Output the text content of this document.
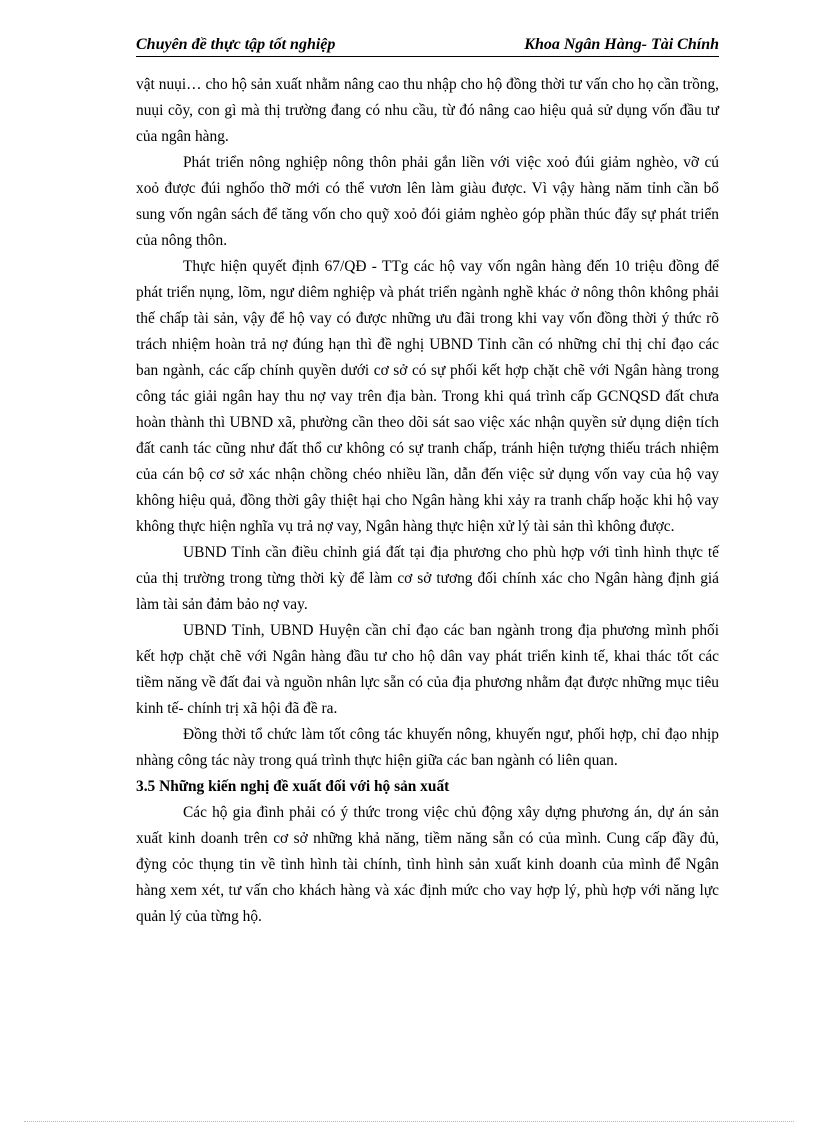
Chuyên đề thực tập tốt nghiệp	Khoa Ngân Hàng- Tài Chính

vật nuụi… cho hộ sản xuất nhằm nâng cao thu nhập cho hộ đồng thời tư vấn cho họ cần trồng, nuụi cõy, con gì mà thị trường đang có nhu cầu, từ đó nâng cao hiệu quả sử dụng vốn đầu tư của ngân hàng.

Phát triển nông nghiệp nông thôn phải gắn liền với việc xoỏ đúi giảm nghèo, vỡ cú xoỏ được đúi nghốo thỡ mới có thể vươn lên làm giàu được. Vì vậy hàng năm tỉnh cần bổ sung vốn ngân sách để tăng vốn cho quỹ xoỏ đói giảm nghèo góp phần thúc đẩy sự phát triển của nông thôn.

Thực hiện quyết định 67/QĐ - TTg các hộ vay vốn ngân hàng đến 10 triệu đồng để phát triển nụng, lõm, ngư diêm nghiệp và phát triển ngành nghề khác ở nông thôn không phải thế chấp tài sản, vậy để hộ vay có được những ưu đãi trong khi vay vốn đồng thời ý thức rõ trách nhiệm hoàn trả nợ đúng hạn thì đề nghị UBND Tỉnh cần có những chỉ thị chỉ đạo các ban ngành, các cấp chính quyền dưới cơ sở có sự phối kết hợp chặt chẽ với Ngân hàng trong công tác giải ngân hay thu nợ vay trên địa bàn. Trong khi quá trình cấp GCNQSD đất chưa hoàn thành thì UBND xã, phường cần theo dõi sát sao việc xác nhận quyền sử dụng diện tích đất canh tác cũng như đất thổ cư không có sự tranh chấp, tránh hiện tượng thiếu trách nhiệm của cán bộ cơ sở xác nhận chồng chéo nhiều lần, dẫn đến việc sử dụng vốn vay của hộ vay không hiệu quả, đồng thời gây thiệt hại cho Ngân hàng khi xảy ra tranh chấp hoặc khi hộ vay không thực hiện nghĩa vụ trả nợ vay, Ngân hàng thực hiện xử lý tài sản thì không được.

UBND Tỉnh cần điều chỉnh giá đất tại địa phương cho phù hợp với tình hình thực tế của thị trường trong từng thời kỳ để làm cơ sở tương đối chính xác cho Ngân hàng định giá làm tài sản đảm bảo nợ vay.

UBND Tỉnh, UBND Huyện cần chỉ đạo các ban ngành trong địa phương mình phối kết hợp chặt chẽ với Ngân hàng đầu tư cho hộ dân vay phát triển kinh tế, khai thác tốt các tiềm năng về đất đai và nguồn nhân lực sẵn có của địa phương nhằm đạt được những mục tiêu kinh tế- chính trị xã hội đã đề ra.

Đồng thời tổ chức làm tốt công tác khuyến nông, khuyến ngư, phối hợp, chỉ đạo nhịp nhàng công tác này trong quá trình thực hiện giữa các ban ngành có liên quan.

3.5 Những kiến nghị đề xuất đối với hộ sản xuất

Các hộ gia đình phải có ý thức trong việc chủ động xây dựng phương án, dự án sản xuất kinh doanh trên cơ sở những khả năng, tiềm năng sẵn có của mình. Cung cấp đầy đủ, đỳng cỏc thụng tin về tình hình tài chính, tình hình sản xuất kinh doanh của mình để Ngân hàng xem xét, tư vấn cho khách hàng và xác định mức cho vay hợp lý, phù hợp với năng lực quản lý của từng hộ.
